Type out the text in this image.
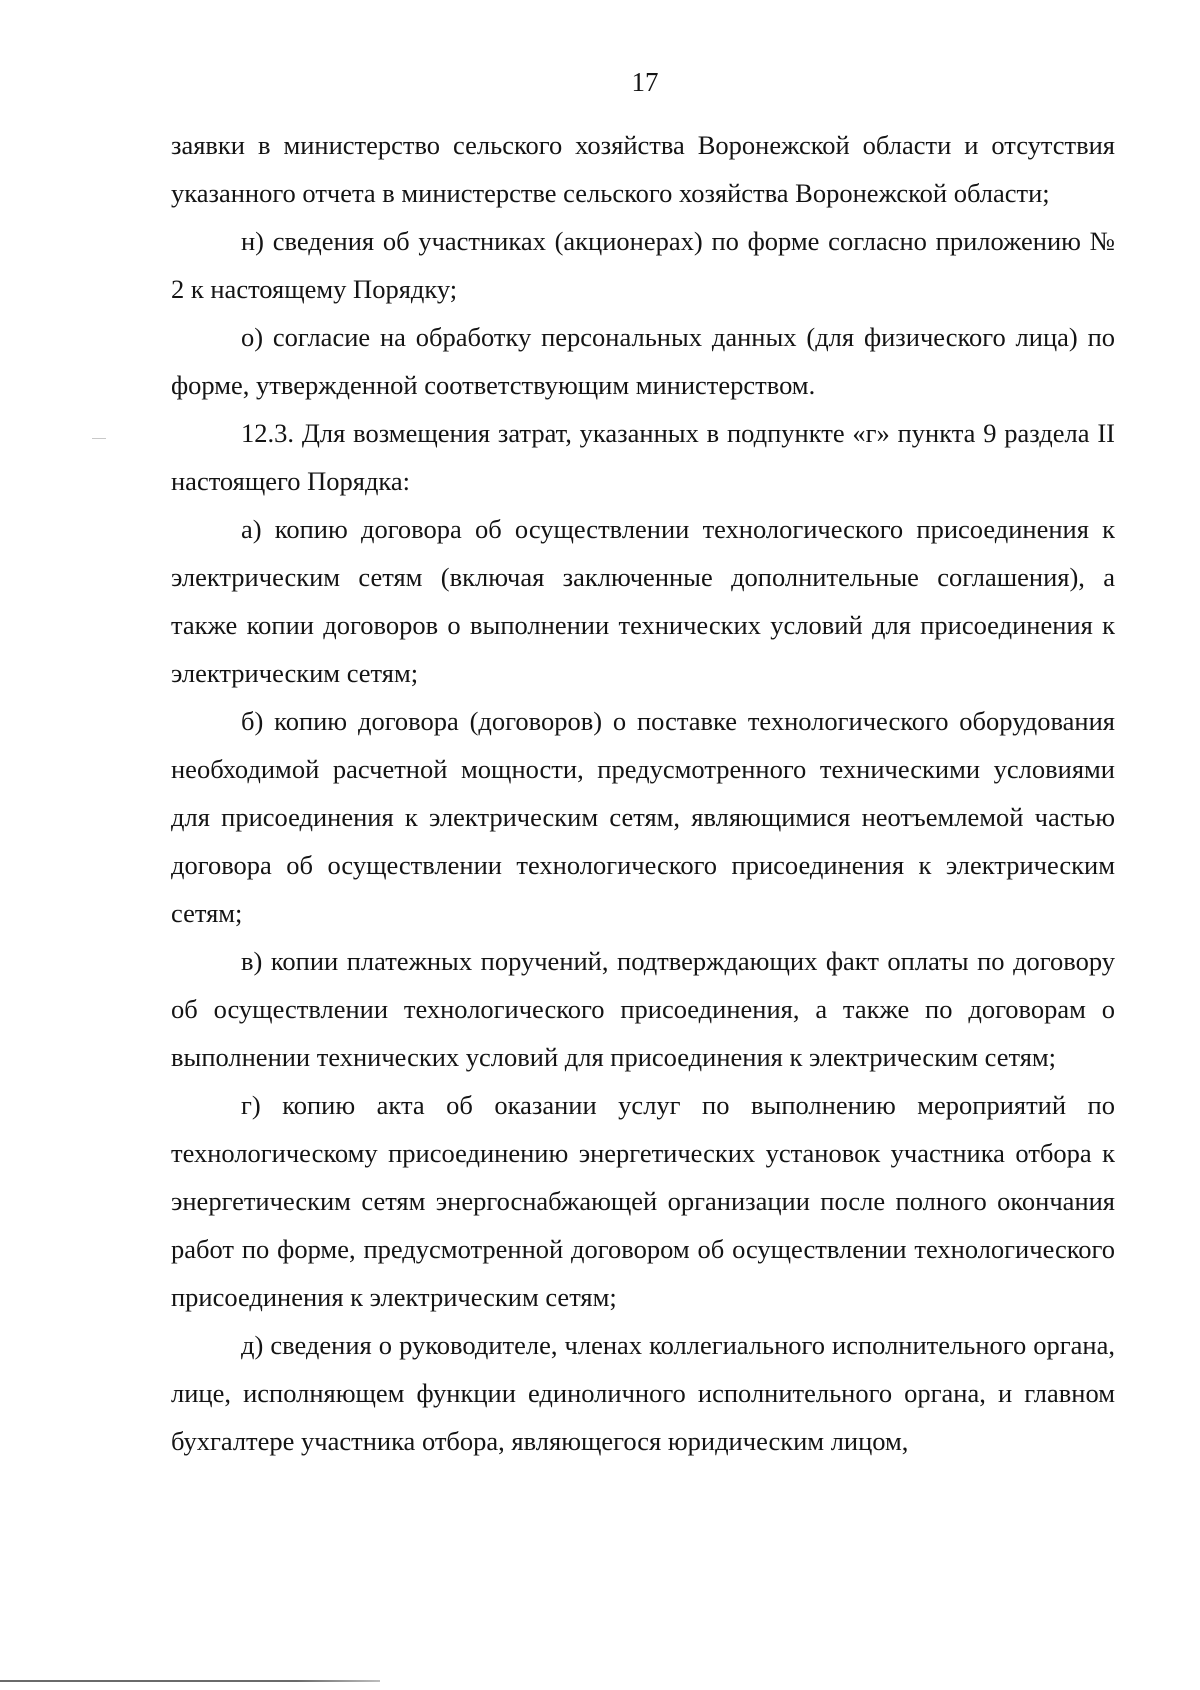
17

заявки в министерство сельского хозяйства Воронежской области и отсутствия указанного отчета в министерстве сельского хозяйства Воронежской области;

н) сведения об участниках (акционерах) по форме согласно приложению № 2 к настоящему Порядку;

о) согласие на обработку персональных данных (для физического лица) по форме, утвержденной соответствующим министерством.

12.3. Для возмещения затрат, указанных в подпункте «г» пункта 9 раздела II настоящего Порядка:

а) копию договора об осуществлении технологического присоединения к электрическим сетям (включая заключенные дополнительные соглашения), а также копии договоров о выполнении технических условий для присоединения к электрическим сетям;

б) копию договора (договоров) о поставке технологического оборудования необходимой расчетной мощности, предусмотренного техническими условиями для присоединения к электрическим сетям, являющимися неотъемлемой частью договора об осуществлении технологического присоединения к электрическим сетям;

в) копии платежных поручений, подтверждающих факт оплаты по договору об осуществлении технологического присоединения, а также по договорам о выполнении технических условий для присоединения к электрическим сетям;

г) копию акта об оказании услуг по выполнению мероприятий по технологическому присоединению энергетических установок участника отбора к энергетическим сетям энергоснабжающей организации после полного окончания работ по форме, предусмотренной договором об осуществлении технологического присоединения к электрическим сетям;

д) сведения о руководителе, членах коллегиального исполнительного органа, лице, исполняющем функции единоличного исполнительного органа, и главном бухгалтере участника отбора, являющегося юридическим лицом,
